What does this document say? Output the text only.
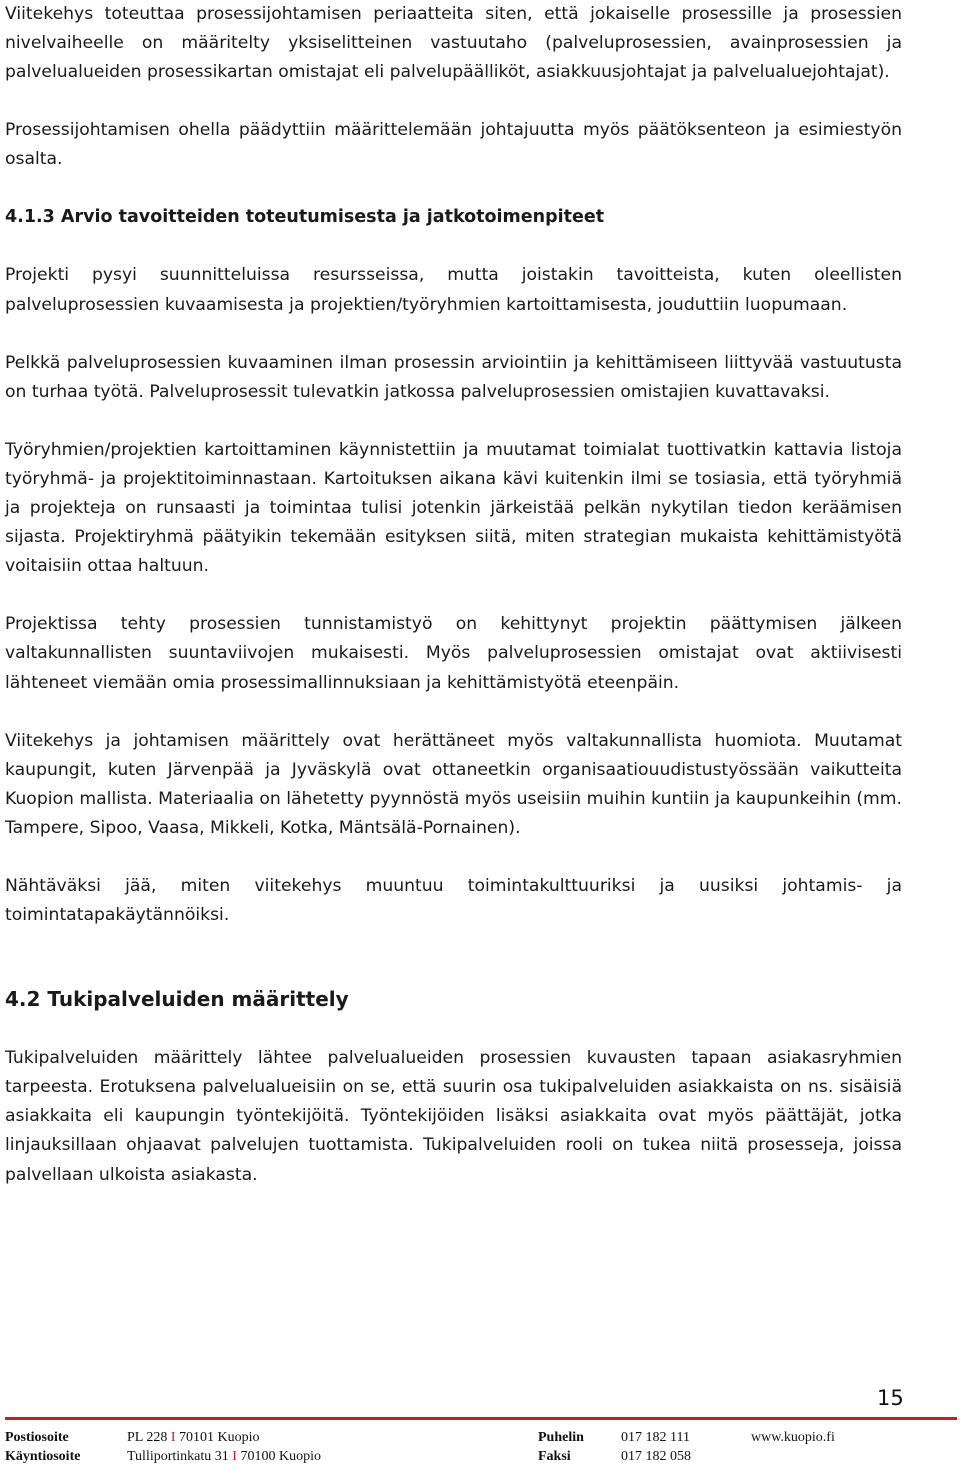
Viitekehys toteuttaa prosessijohtamisen periaatteita siten, että jokaiselle prosessille ja prosessien nivelvaiheelle on määritelty yksiselitteinen vastuutaho (palveluprosessien, avainprosessien ja palvelualueiden prosessikartan omistajat eli palvelupäälliköt, asiakkuusjohtajat ja palvelualuejohtajat).

Prosessijohtamisen ohella päädyttiin määrittelemään johtajuutta myös päätöksenteon ja esimiestyön osalta.

4.1.3 Arvio tavoitteiden toteutumisesta ja jatkotoimenpiteet

Projekti pysyi suunnitteluissa resursseissa, mutta joistakin tavoitteista, kuten oleellisten palveluprosessien kuvaamisesta ja projektien/työryhmien kartoittamisesta, jouduttiin luopumaan.

Pelkkä palveluprosessien kuvaaminen ilman prosessin arviointiin ja kehittämiseen liittyvää vastuutusta on turhaa työtä. Palveluprosessit tulevatkin jatkossa palveluprosessien omistajien kuvattavaksi.

Työryhmien/projektien kartoittaminen käynnistettiin ja muutamat toimialat tuottivatkin kattavia listoja työryhmä- ja projektitoiminnastaan. Kartoituksen aikana kävi kuitenkin ilmi se tosiasia, että työryhmiä ja projekteja on runsaasti ja toimintaa tulisi jotenkin järkeistää pelkän nykytilan tiedon keräämisen sijasta. Projektiryhmä päätyikin tekemään esityksen siitä, miten strategian mukaista kehittämistyötä voitaisiin ottaa haltuun.

Projektissa tehty prosessien tunnistamistyö on kehittynyt projektin päättymisen jälkeen valtakunnallisten suuntaviivojen mukaisesti. Myös palveluprosessien omistajat ovat aktiivisesti lähteneet viemään omia prosessimallinnuksiaan ja kehittämistyötä eteenpäin.

Viitekehys ja johtamisen määrittely ovat herättäneet myös valtakunnallista huomiota. Muutamat kaupungit, kuten Järvenpää ja Jyväskylä ovat ottaneetkin organisaatiouudistustyössään vaikutteita Kuopion mallista. Materiaalia on lähetetty pyynnöstä myös useisiin muihin kuntiin ja kaupunkeihin (mm. Tampere, Sipoo, Vaasa, Mikkeli, Kotka, Mäntsälä-Pornainen).

Nähtäväksi jää, miten viitekehys muuntuu toimintakulttuuriksi ja uusiksi johtamis- ja toimintatapakäytännöiksi.

4.2 Tukipalveluiden määrittely

Tukipalveluiden määrittely lähtee palvelualueiden prosessien kuvausten tapaan asiakasryhmien tarpeesta. Erotuksena palvelualueisiin on se, että suurin osa tukipalveluiden asiakkaista on ns. sisäisiä asiakkaita eli kaupungin työntekijöitä. Työntekijöiden lisäksi asiakkaita ovat myös päättäjät, jotka linjauksillaan ohjaavat palvelujen tuottamista. Tukipalveluiden rooli on tukea niitä prosesseja, joissa palvellaan ulkoista asiakasta.

15
Postiosoite	PL 228 I 70101 Kuopio	Puhelin	017 182 111	www.kuopio.fi
Käyntiosoite	Tulliportinkatu 31 I 70100 Kuopio	Faksi	017 182 058
